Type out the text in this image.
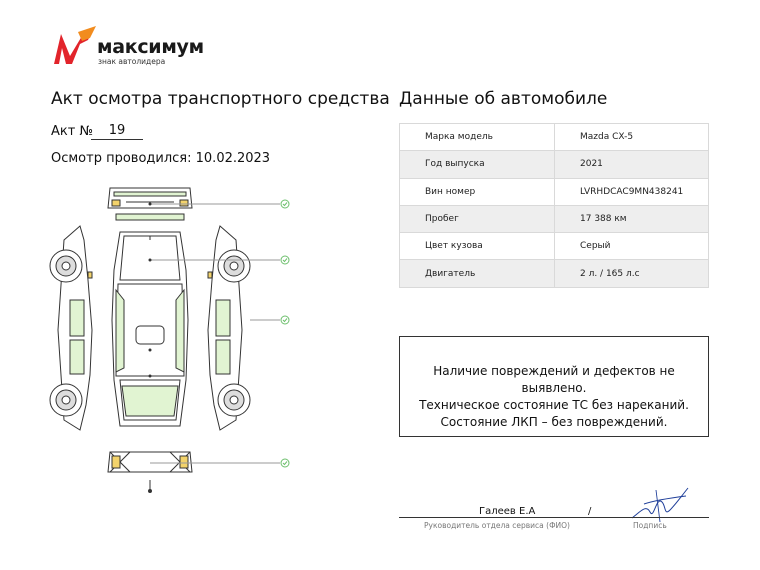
максимум
знак автолидера
Акт осмотра транспортного средства
Акт №	19
Осмотр проводился: 10.02.2023
Данные об автомобиле
Марка модель	Mazda CX-5
Год выпуска	2021
Вин номер	LVRHDCAC9MN438241
Пробег	17 388 км
Цвет кузова	Серый
Двигатель	2 л. / 165 л.с
Наличие повреждений и дефектов не выявлено.
Техническое состояние ТС без нареканий.
Состояние ЛКП – без повреждений.
Галеев Е.А	/
Руководитель отдела сервиса (ФИО)	Подпись
